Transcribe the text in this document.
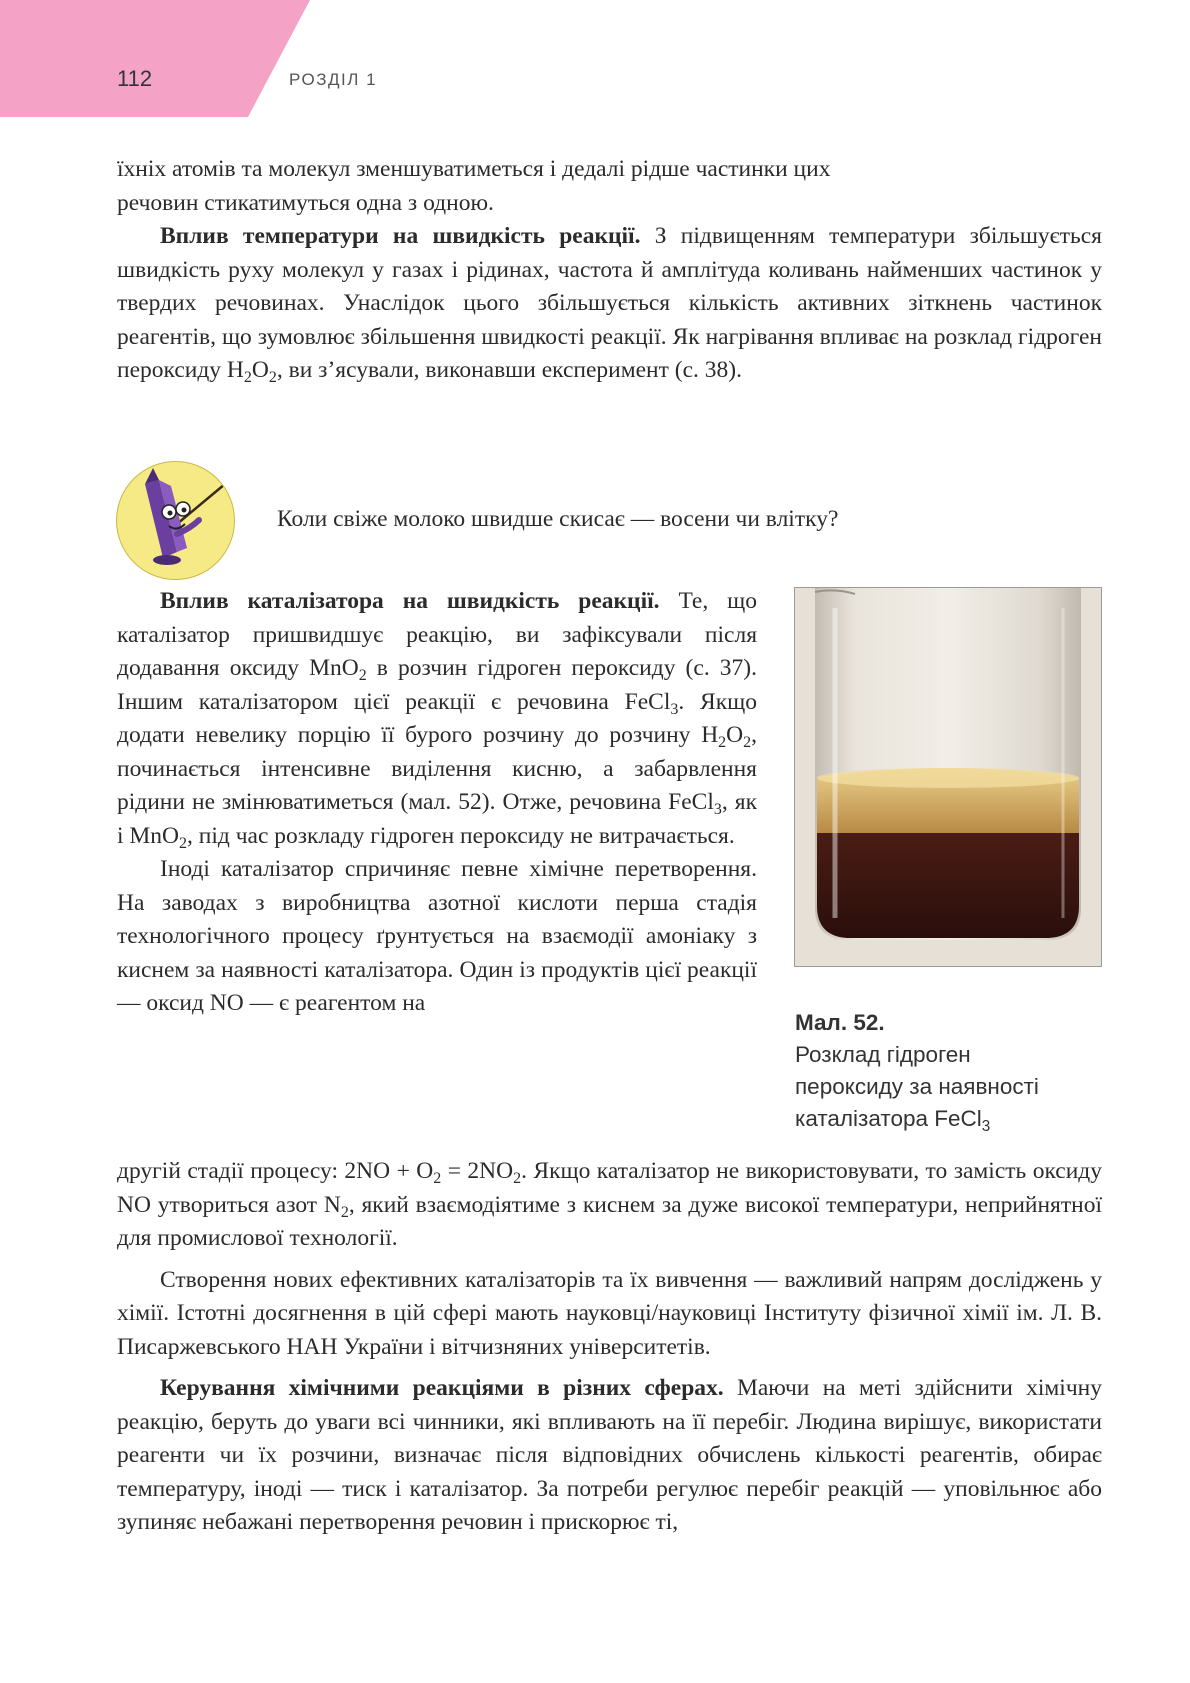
112	РОЗДІЛ 1

їхніх атомів та молекул зменшуватиметься і дедалі рідше частинки цих
речовин стикатимуться одна з одною.

Вплив температури на швидкість реакції. З підвищенням температури збільшується швидкість руху молекул у газах і рідинах, частота й амплітуда коливань найменших частинок у твердих речовинах. Унаслідок цього збільшується кількість активних зіткнень частинок реагентів, що зумовлює збільшення швидкості реакції. Як нагрівання впливає на розклад гідроген пероксиду $H_2O_2$, ви з’ясували, виконавши експеримент (с. 38).

Коли свіже молоко швидше скисає — восени чи влітку?

Вплив каталізатора на швидкість реакції. Те, що каталізатор пришвидшує реакцію, ви зафіксували після додавання оксиду MnO$_2$ в розчин гідроген пероксиду (с. 37). Іншим каталізатором цієї реакції є речовина FeCl$_3$. Якщо додати невелику порцію її бурого розчину до розчину $H_2O_2$, починається інтенсивне виділення кисню, а забарвлення рідини не змінюватиметься (мал. 52). Отже, речовина FeCl$_3$, як і MnO$_2$, під час розкладу гідроген пероксиду не витрачається.

Іноді каталізатор спричиняє певне хімічне перетворення. На заводах з виробництва азотної кислоти перша стадія технологічного процесу ґрунтується на взаємодії амоніаку з киснем за наявності каталізатора. Один із продуктів цієї реакції — оксид NO — є реагентом на

Мал. 52.
Розклад гідроген
пероксиду за наявності
каталізатора FeCl$_3$

другій стадії процесу: $2NO + O_2 = 2NO_2$. Якщо каталізатор не використовувати, то замість оксиду NO утвориться азот $N_2$, який взаємодіятиме з киснем за дуже високої температури, неприйнятної для промислової технології.

Створення нових ефективних каталізаторів та їх вивчення — важливий напрям досліджень у хімії. Істотні досягнення в цій сфері мають науковці/науковиці Інституту фізичної хімії ім. Л. В. Писаржевського НАН України і вітчизняних університетів.

Керування хімічними реакціями в різних сферах. Маючи на меті здійснити хімічну реакцію, беруть до уваги всі чинники, які впливають на її перебіг. Людина вирішує, використати реагенти чи їх розчини, визначає після відповідних обчислень кількості реагентів, обирає температуру, іноді — тиск і каталізатор. За потреби регулює перебіг реакцій — уповільнює або зупиняє небажані перетворення речовин і прискорює ті,
